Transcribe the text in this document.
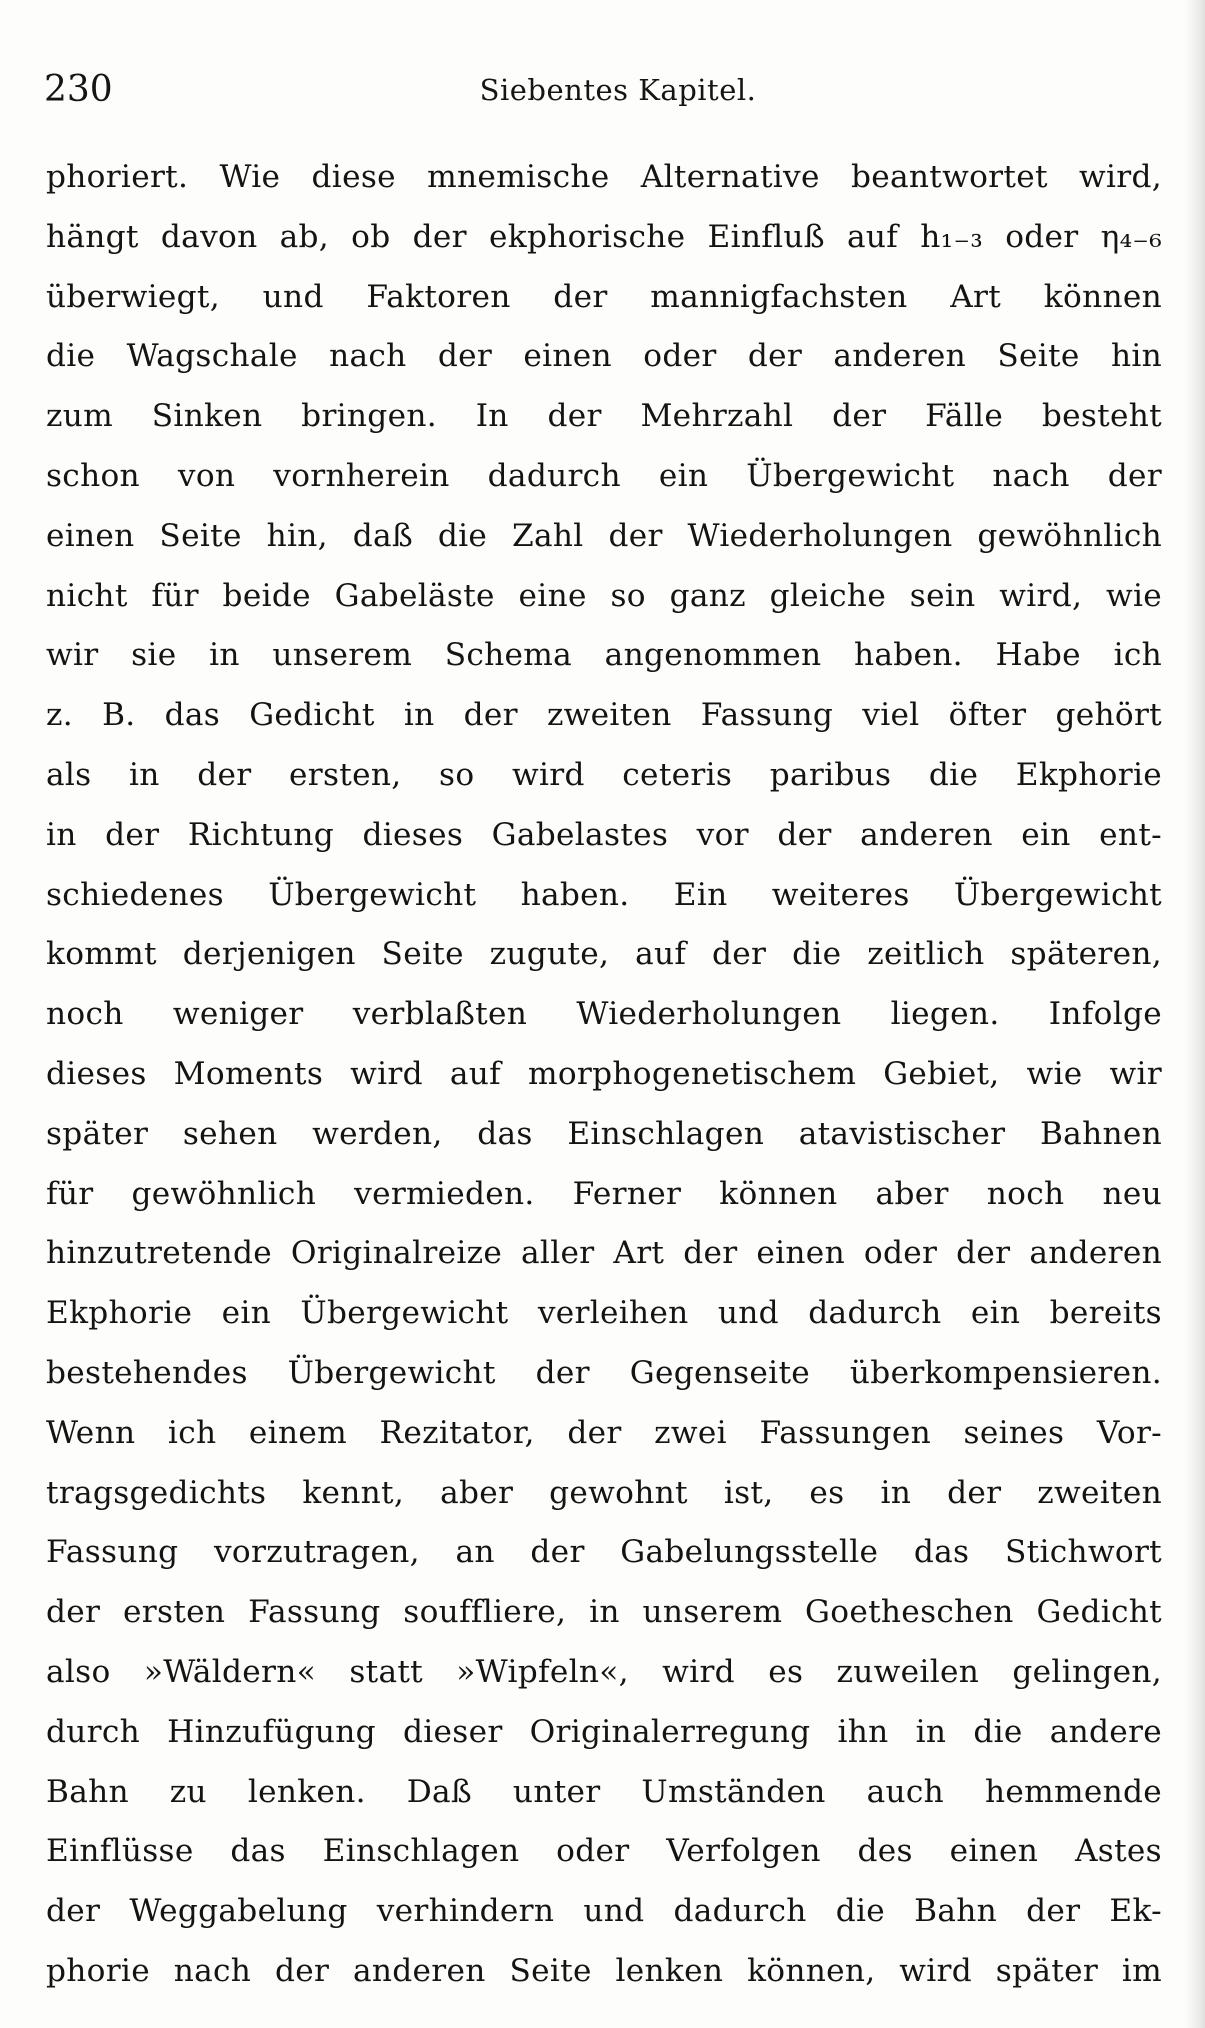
230	Siebentes Kapitel.
phoriert. Wie diese mnemische Alternative beantwortet wird,
hängt davon ab, ob der ekphorische Einfluß auf h₁₋₃ oder η₄₋₆
überwiegt, und Faktoren der mannigfachsten Art können
die Wagschale nach der einen oder der anderen Seite hin
zum Sinken bringen. In der Mehrzahl der Fälle besteht
schon von vornherein dadurch ein Übergewicht nach der
einen Seite hin, daß die Zahl der Wiederholungen gewöhnlich
nicht für beide Gabeläste eine so ganz gleiche sein wird, wie
wir sie in unserem Schema angenommen haben. Habe ich
z. B. das Gedicht in der zweiten Fassung viel öfter gehört
als in der ersten, so wird ceteris paribus die Ekphorie
in der Richtung dieses Gabelastes vor der anderen ein ent-
schiedenes Übergewicht haben. Ein weiteres Übergewicht
kommt derjenigen Seite zugute, auf der die zeitlich späteren,
noch weniger verblaßten Wiederholungen liegen. Infolge
dieses Moments wird auf morphogenetischem Gebiet, wie wir
später sehen werden, das Einschlagen atavistischer Bahnen
für gewöhnlich vermieden. Ferner können aber noch neu
hinzutretende Originalreize aller Art der einen oder der anderen
Ekphorie ein Übergewicht verleihen und dadurch ein bereits
bestehendes Übergewicht der Gegenseite überkompensieren.
Wenn ich einem Rezitator, der zwei Fassungen seines Vor-
tragsgedichts kennt, aber gewohnt ist, es in der zweiten
Fassung vorzutragen, an der Gabelungsstelle das Stichwort
der ersten Fassung souffliere, in unserem Goetheschen Gedicht
also »Wäldern« statt »Wipfeln«, wird es zuweilen gelingen,
durch Hinzufügung dieser Originalerregung ihn in die andere
Bahn zu lenken. Daß unter Umständen auch hemmende
Einflüsse das Einschlagen oder Verfolgen des einen Astes
der Weggabelung verhindern und dadurch die Bahn der Ek-
phorie nach der anderen Seite lenken können, wird später im
